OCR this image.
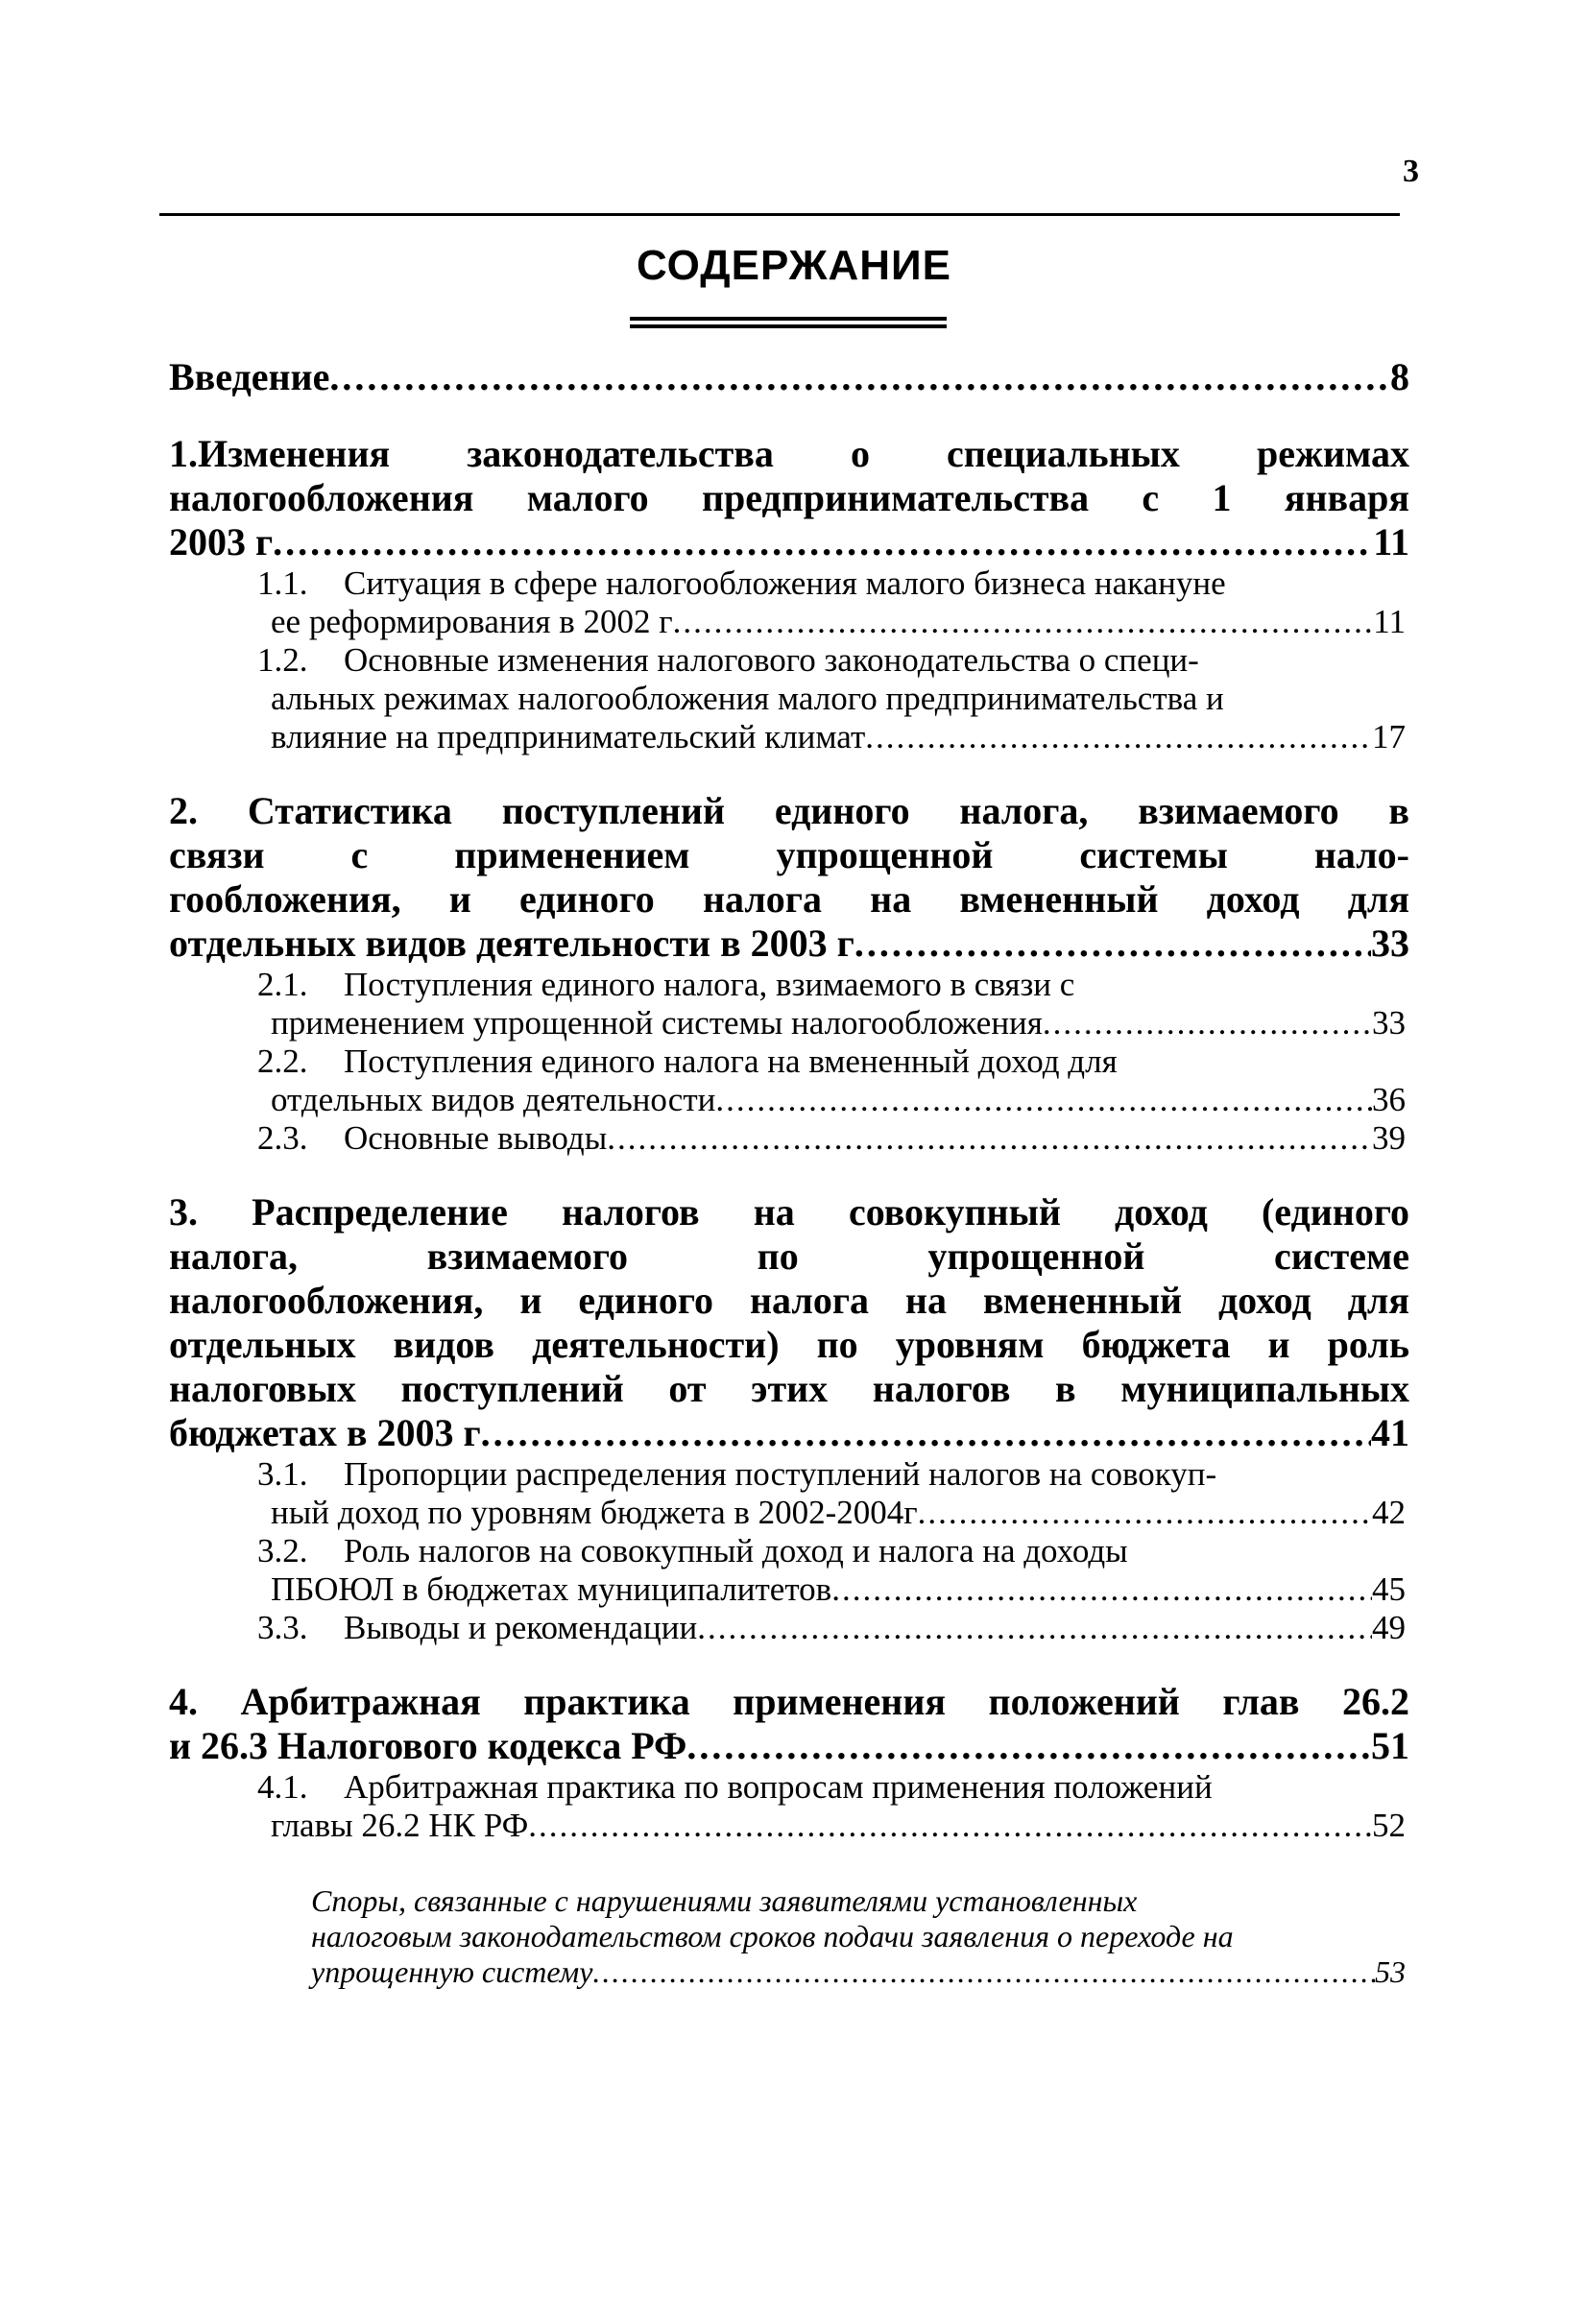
3
СОДЕРЖАНИЕ
Введение .....	8
1.Изменения законодательства о специальных режимах
налогообложения малого предпринимательства с 1 января
2003 г .....	11
1.1. Ситуация в сфере налогообложения малого бизнеса накануне
ее реформирования в 2002 г .....	11
1.2. Основные изменения налогового законодательства о специ-
альных режимах налогообложения малого предпринимательства и
влияние на предпринимательский климат .....	17
2. Статистика поступлений единого налога, взимаемого в
связи с применением упрощенной системы нало-
гообложения, и единого налога на вмененный доход для
отдельных видов деятельности в 2003 г .....	33
2.1. Поступления единого налога, взимаемого в связи с
применением упрощенной системы налогообложения .....	33
2.2. Поступления единого налога на вмененный доход для
отдельных видов деятельности .....	36
2.3.	Основные выводы .....	39
3. Распределение налогов на совокупный доход (единого
налога, взимаемого по упрощенной системе
налогообложения, и единого налога на вмененный доход для
отдельных видов деятельности) по уровням бюджета и роль
налоговых поступлений от этих налогов в муниципальных
бюджетах в 2003 г .....	41
3.1. Пропорции распределения поступлений налогов на совокуп-
ный доход по уровням бюджета в 2002-2004г .....	42
3.2. Роль налогов на совокупный доход и налога на доходы
ПБОЮЛ в бюджетах муниципалитетов .....	45
3.3.	Выводы и рекомендации .....	49
4. Арбитражная практика применения положений глав 26.2
и 26.3 Налогового кодекса РФ .....	51
4.1. Арбитражная практика по вопросам применения положений
главы 26.2 НК РФ .....	52
Споры, связанные с нарушениями заявителями установленных
налоговым законодательством сроков подачи заявления о переходе на
упрощенную систему .....	53
